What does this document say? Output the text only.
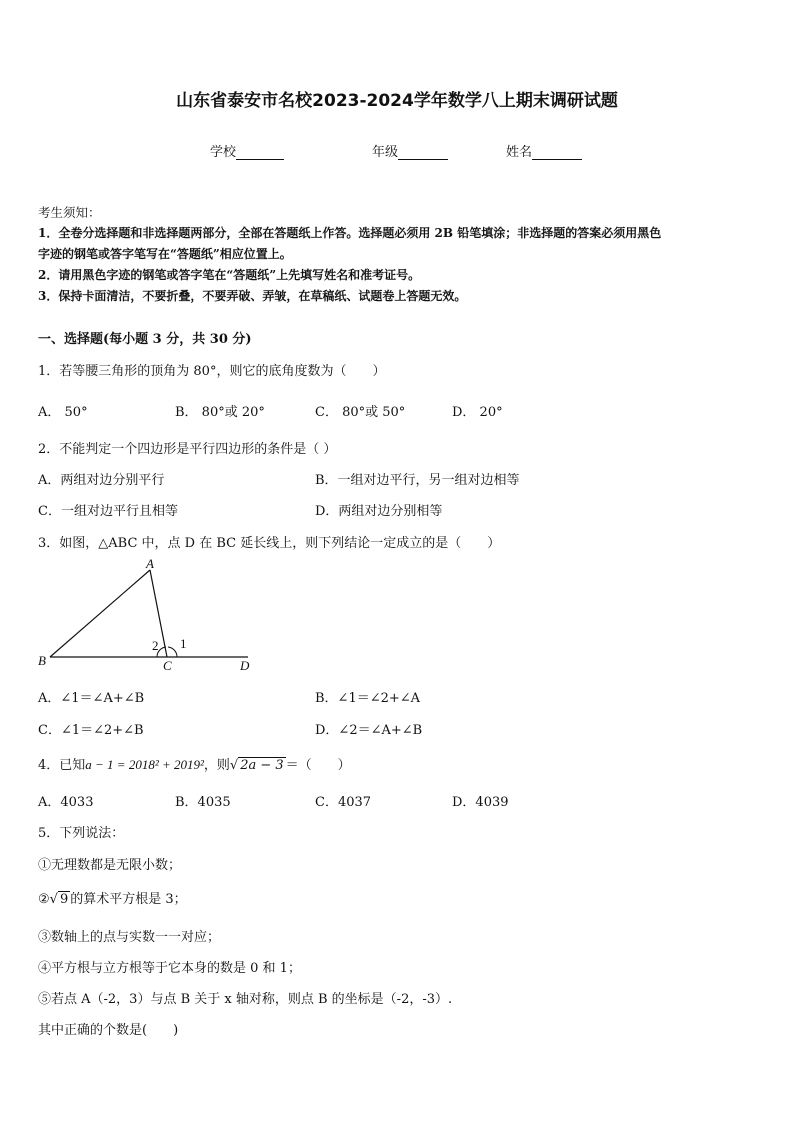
山东省泰安市名校2023-2024学年数学八上期末调研试题
学校	年级	姓名
考生须知：
1．全卷分选择题和非选择题两部分，全部在答题纸上作答。选择题必须用 2B 铅笔填涂；非选择题的答案必须用黑色
字迹的钢笔或答字笔写在“答题纸”相应位置上。
2．请用黑色字迹的钢笔或答字笔在“答题纸”上先填写姓名和准考证号。
3．保持卡面清洁，不要折叠，不要弄破、弄皱，在草稿纸、试题卷上答题无效。
一、选择题(每小题 3 分，共 30 分)
1．若等腰三角形的顶角为 80°，则它的底角度数为（　　）
A． 50°	B． 80°或 20°	C． 80°或 50°	D． 20°
2．不能判定一个四边形是平行四边形的条件是（ ）
A．两组对边分别平行	B．一组对边平行，另一组对边相等
C．一组对边平行且相等	D．两组对边分别相等
3．如图，△ABC 中，点 D 在 BC 延长线上，则下列结论一定成立的是（　　）
A
B	C	D
1
2
A．∠1＝∠A+∠B	B．∠1＝∠2+∠A
C．∠1＝∠2+∠B	D．∠2＝∠A+∠B
4．已知a − 1 = 2018² + 2019²，则√ 2a − 3 ＝（　　）
A．4033	B．4035	C．4037	D．4039
5．下列说法：
①无理数都是无限小数；
②√ 9 的算术平方根是 3；
③数轴上的点与实数一一对应；
④平方根与立方根等于它本身的数是 0 和 1；
⑤若点 A（-2，3）与点 B 关于 x 轴对称，则点 B 的坐标是（-2，-3）.
其中正确的个数是(　　)
